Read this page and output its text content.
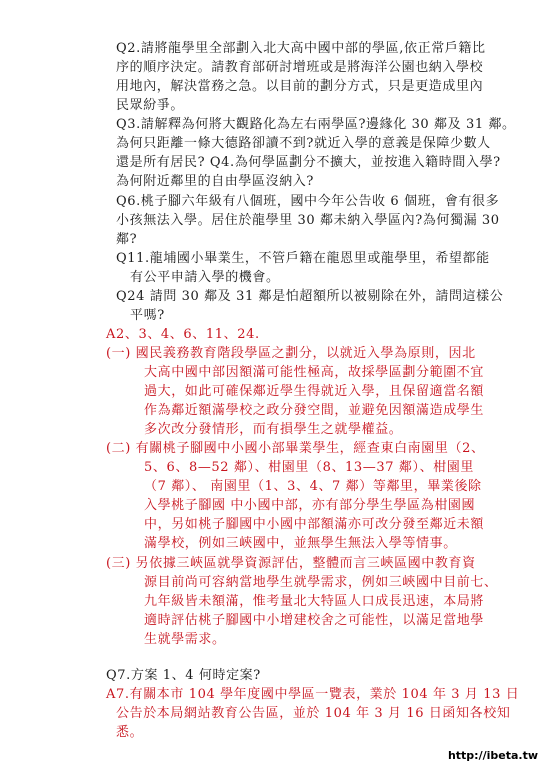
Q2.請將龍學里全部劃入北大高中國中部的學區,依正常戶籍比
序的順序決定。請教育部研討增班或是將海洋公園也納入學校
用地內，解決當務之急。以目前的劃分方式，只是更造成里內
民眾紛爭。
Q3.請解釋為何將大觀路化為左右兩學區?邊緣化 30 鄰及 31 鄰。
為何只距離一條大德路卻讀不到?就近入學的意義是保障少數人
還是所有居民? Q4.為何學區劃分不擴大，並按進入籍時間入學?
為何附近鄰里的自由學區沒納入?
Q6.桃子腳六年級有八個班，國中今年公告收 6 個班，會有很多
小孩無法入學。居住於龍學里 30 鄰未納入學區內?為何獨漏 30
鄰?
Q11.龍埔國小畢業生，不管戶籍在龍恩里或龍學里，希望都能
有公平申請入學的機會。
Q24 請問 30 鄰及 31 鄰是怕超額所以被剔除在外，請問這樣公
平嗎?
A2、3、4、6、11、24.
(一) 國民義務教育階段學區之劃分，以就近入學為原則，因北
大高中國中部因額滿可能性極高，故採學區劃分範圍不宜
過大，如此可確保鄰近學生得就近入學，且保留適當名額
作為鄰近額滿學校之政分發空間，並避免因額滿造成學生
多次改分發情形，而有損學生之就學權益。
(二) 有關桃子腳國中小國小部畢業學生，經查東白南園里（2、
5、6、8—52 鄰）、柑園里（8、13—37 鄰）、柑園里
（7 鄰）、 南園里（1、3、4、7 鄰）等鄰里，畢業後除
入學桃子腳國 中小國中部，亦有部分學生學區為柑園國
中，另如桃子腳國中小國中部額滿亦可改分發至鄰近未額
滿學校，例如三峽國中，並無學生無法入學等情事。
(三) 另依據三峽區就學資源評估，整體而言三峽區國中教育資
源目前尚可容納當地學生就學需求，例如三峽國中目前七、
九年級皆未額滿，惟考量北大特區人口成長迅速，本局將
適時評估桃子腳國中小增建校舍之可能性，以滿足當地學
生就學需求。
Q7.方案 1、4 何時定案?
A7.有關本市 104 學年度國中學區一覽表，業於 104 年 3 月 13 日
公告於本局網站教育公告區，並於 104 年 3 月 16 日函知各校知
悉。
http://ibeta.tw
